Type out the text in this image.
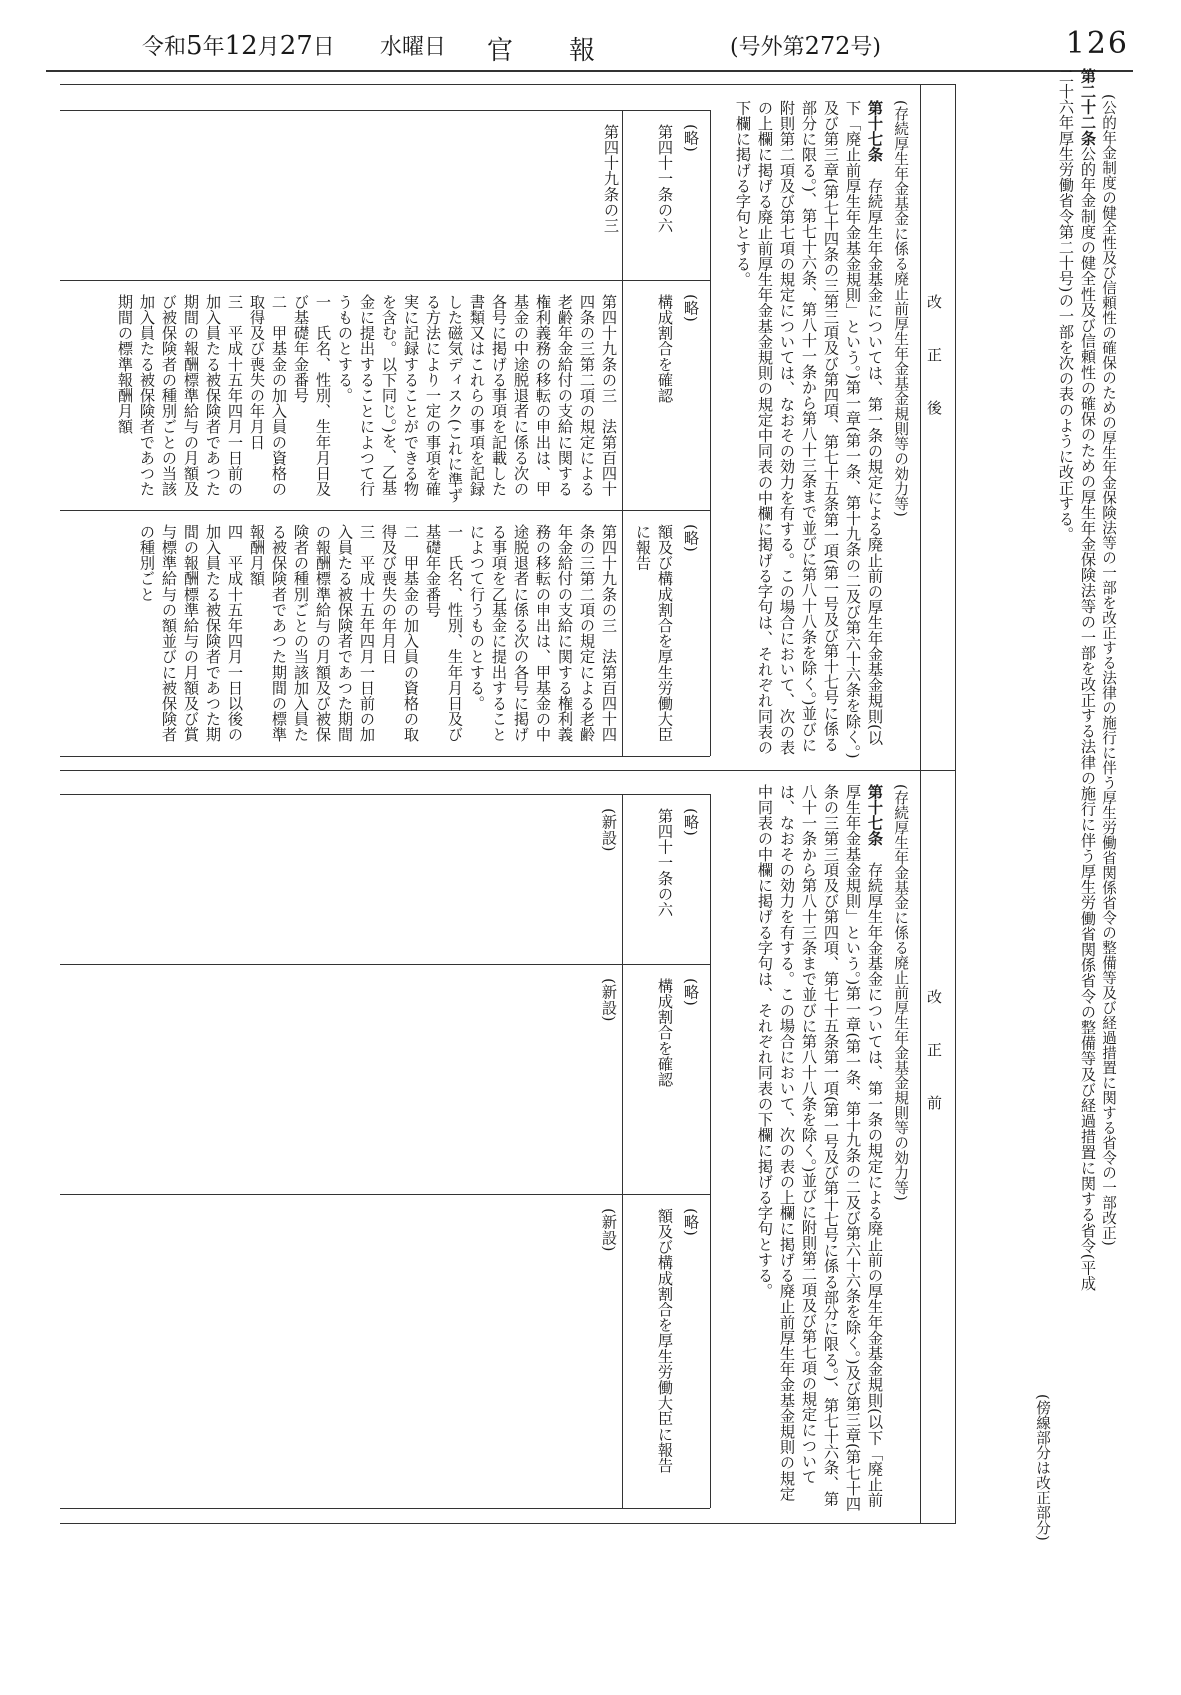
令和5年12月27日 水曜日 官報	(号外第272号)	126
(公的年金制度の健全性及び信頼性の確保のための厚生年金保険法等の一部を改正する法律の施行に伴う厚生労働省関係省令の整備等及び経過措置に関する省令の一部改正)
第二十二条公的年金制度の健全性及び信頼性の確保のための厚生年金保険法等の一部を改正する法律の施行に伴う厚生労働省関係省令の整備等及び経過措置に関する省令(平成二十六年厚生労働省令第二十号)の一部を次の表のように改正する。
(傍線部分は改正部分)
改正後
改正前
(存続厚生年金基金に係る廃止前厚生年金基金規則等の効力等)
第十七条　存続厚生年金基金については、第一条の規定による廃止前の厚生年金基金規則(以下「廃止前厚生年金基金規則」という。)第一章(第一条、第十九条の二及び第六十六条を除く。)及び第三章(第七十四条の三第三項及び第四項、第七十五条第一項(第一号及び第十七号に係る部分に限る。)、第七十六条、第八十一条から第八十三条まで並びに第八十八条を除く。)並びに附則第二項及び第七項の規定については、なおその効力を有する。この場合において、次の表の上欄に掲げる廃止前厚生年金基金規則の規定中同表の中欄に掲げる字句は、それぞれ同表の下欄に掲げる字句とする。
(略)
(略)
(略)
第四十一条の六
構成割合を確認
額及び構成割合を厚生労働大臣に報告
第四十九条の三
第四十九条の三　法第百四十四条の三第二項の規定による老齢年金給付の支給に関する権利義務の移転の申出は、甲基金の中途脱退者に係る次の各号に掲げる事項を記載した書類又はこれらの事項を記録した磁気ディスク(これに準ずる方法により一定の事項を確実に記録することができる物を含む。以下同じ。)を、乙基金に提出することによつて行うものとする。
一　氏名、性別、生年月日及び基礎年金番号
二　甲基金の加入員の資格の取得及び喪失の年月日
三　平成十五年四月一日前の加入員たる被保険者であつた期間の報酬標準給与の月額及び被保険者の種別ごとの当該加入員たる被保険者であつた期間の標準報酬月額
第四十九条の三　法第百四十四条の三第二項の規定による老齢年金給付の支給に関する権利義務の移転の申出は、甲基金の中途脱退者に係る次の各号に掲げる事項を乙基金に提出することによつて行うものとする。
一　氏名、性別、生年月日及び基礎年金番号
二　甲基金の加入員の資格の取得及び喪失の年月日
三　平成十五年四月一日前の加入員たる被保険者であつた期間の報酬標準給与の月額及び被保険者の種別ごとの当該加入員たる被保険者であつた期間の標準報酬月額
四　平成十五年四月一日以後の加入員たる被保険者であつた期間の報酬標準給与の月額及び賞与標準給与の額並びに被保険者の種別ごと
(存続厚生年金基金に係る廃止前厚生年金基金規則等の効力等)
第十七条　存続厚生年金基金については、第一条の規定による廃止前の厚生年金基金規則(以下「廃止前厚生年金基金規則」という。)第一章(第一条、第十九条の二及び第六十六条を除く。)及び第三章(第七十四条の三第三項及び第四項、第七十五条第一項(第一号及び第十七号に係る部分に限る。)、第七十六条、第八十一条から第八十三条まで並びに第八十八条を除く。)並びに附則第二項及び第七項の規定については、なおその効力を有する。この場合において、次の表の上欄に掲げる廃止前厚生年金基金規則の規定中同表の中欄に掲げる字句は、それぞれ同表の下欄に掲げる字句とする。
(略)
(略)
(略)
第四十一条の六
構成割合を確認
額及び構成割合を厚生労働大臣に報告
(新設)
(新設)
(新設)
